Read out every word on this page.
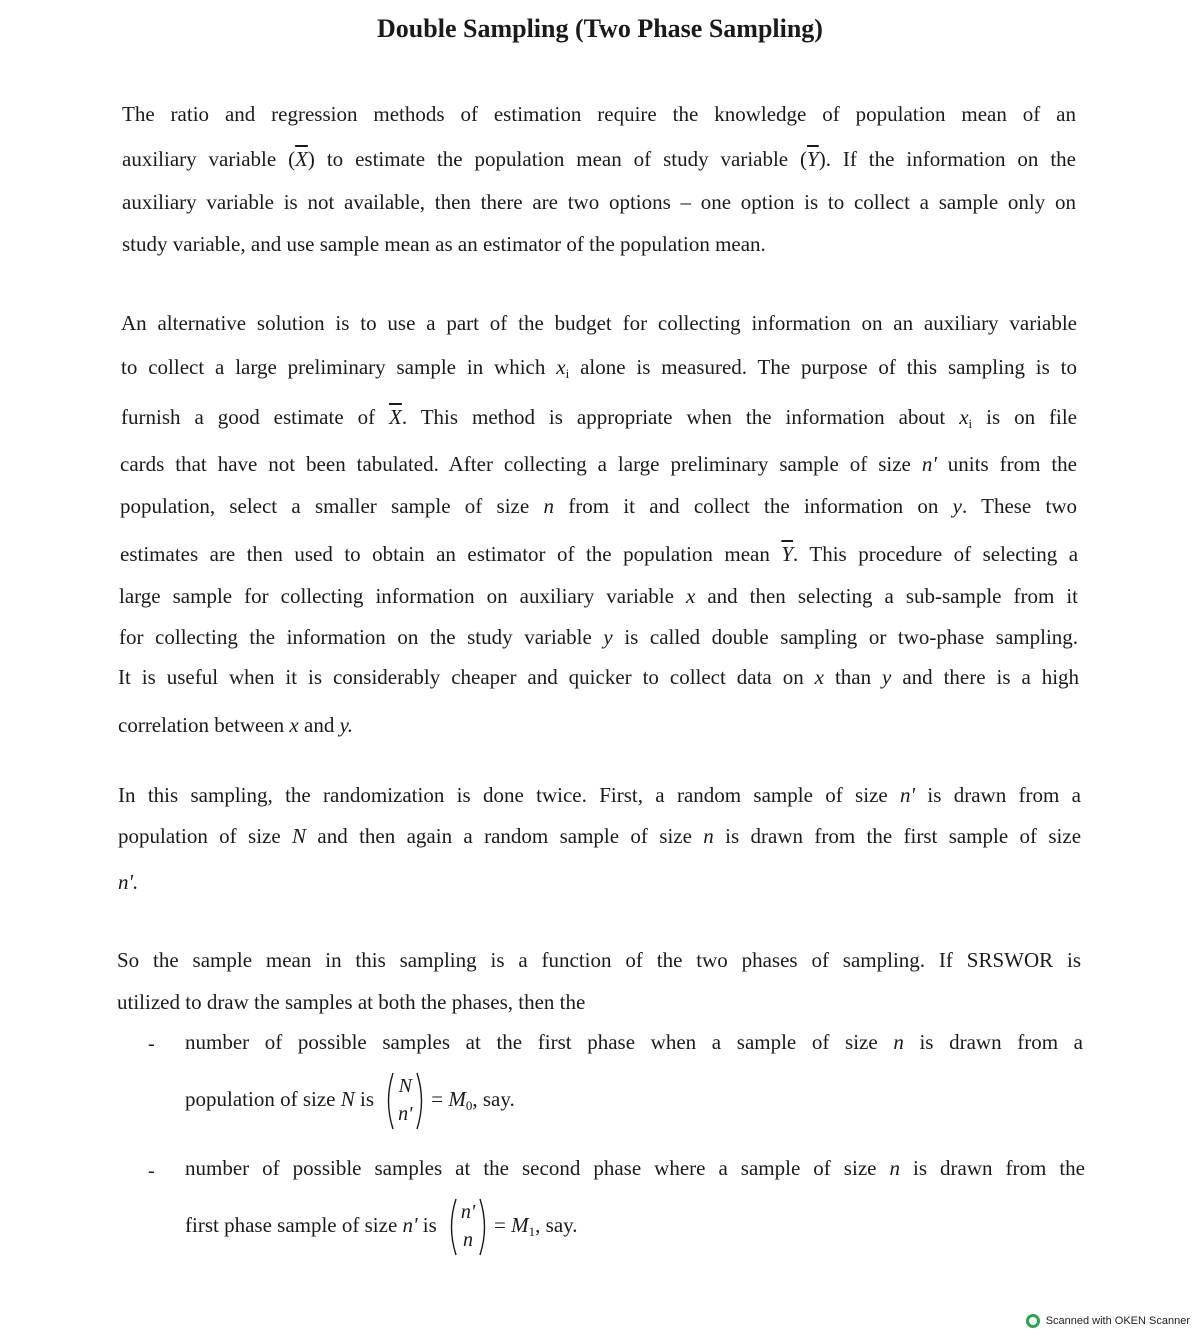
Double Sampling (Two Phase Sampling)
The ratio and regression methods of estimation require the knowledge of population mean of an
auxiliary variable $(\overline{X})$ to estimate the population mean of study variable $(\overline{Y})$. If the information on the
auxiliary variable is not available, then there are two options – one option is to collect a sample only on
study variable, and use sample mean as an estimator of the population mean.
An alternative solution is to use a part of the budget for collecting information on an auxiliary variable
to collect a large preliminary sample in which $x_i$ alone is measured. The purpose of this sampling is to
furnish a good estimate of $\overline{X}$. This method is appropriate when the information about $x_i$ is on file
cards that have not been tabulated. After collecting a large preliminary sample of size n' units from the
population, select a smaller sample of size n from it and collect the information on y. These two
estimates are then used to obtain an estimator of the population mean $\overline{Y}$. This procedure of selecting a
large sample for collecting information on auxiliary variable x and then selecting a sub-sample from it
for collecting the information on the study variable y is called double sampling or two-phase sampling.
It is useful when it is considerably cheaper and quicker to collect data on x than y and there is a high
correlation between x and y.
In this sampling, the randomization is done twice. First, a random sample of size n' is drawn from a
population of size N and then again a random sample of size n is drawn from the first sample of size
n'.
So the sample mean in this sampling is a function of the two phases of sampling. If SRSWOR is
utilized to draw the samples at both the phases, then the
- number of possible samples at the first phase when a sample of size n is drawn from a
population of size N is
N
n'
= $M_0$, say.
- number of possible samples at the second phase where a sample of size n is drawn from the
first phase sample of size n' is
n'
n
= $M_1$, say.
Scanned with OKEN Scanner
